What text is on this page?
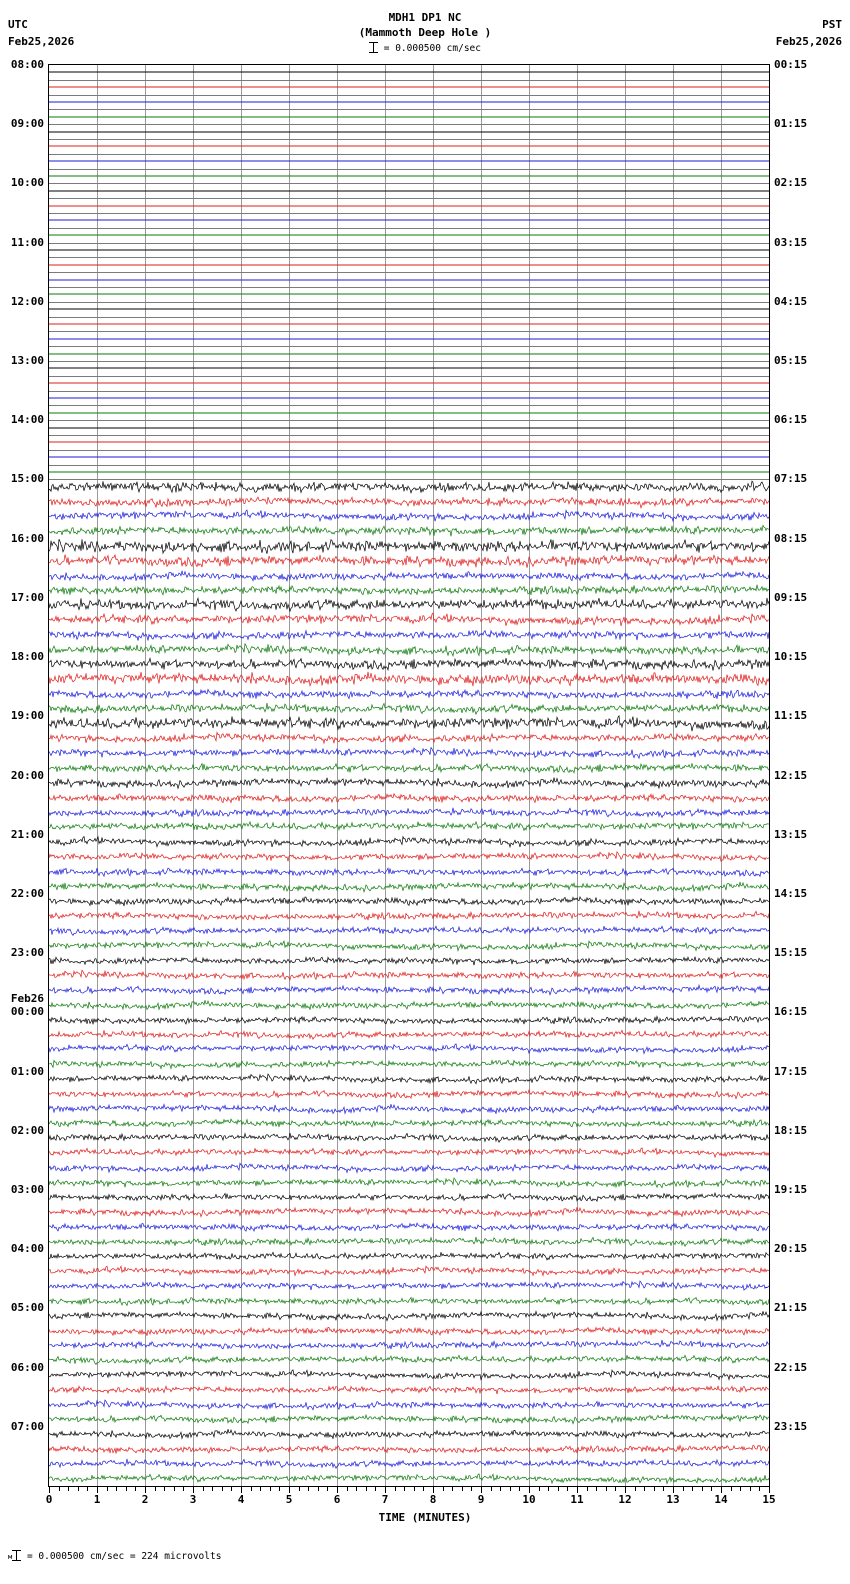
UTC
Feb25,2026
MDH1 DP1 NC
(Mammoth Deep Hole )
= 0.000500 cm/sec
PST
Feb25,2026
08:00	00:15
09:00	01:15
10:00	02:15
11:00	03:15
12:00	04:15
13:00	05:15
14:00	06:15
15:00	07:15
16:00	08:15
17:00	09:15
18:00	10:15
19:00	11:15
20:00	12:15
21:00	13:15
22:00	14:15
23:00	15:15
00:00	16:15
Feb26
01:00	17:15
02:00	18:15
03:00	19:15
04:00	20:15
05:00	21:15
06:00	22:15
07:00	23:15
0	1	2	3	4	5	6	7	8	9	10	11	12	13	14	15
TIME (MINUTES)
м = 0.000500 cm/sec = 224 microvolts
